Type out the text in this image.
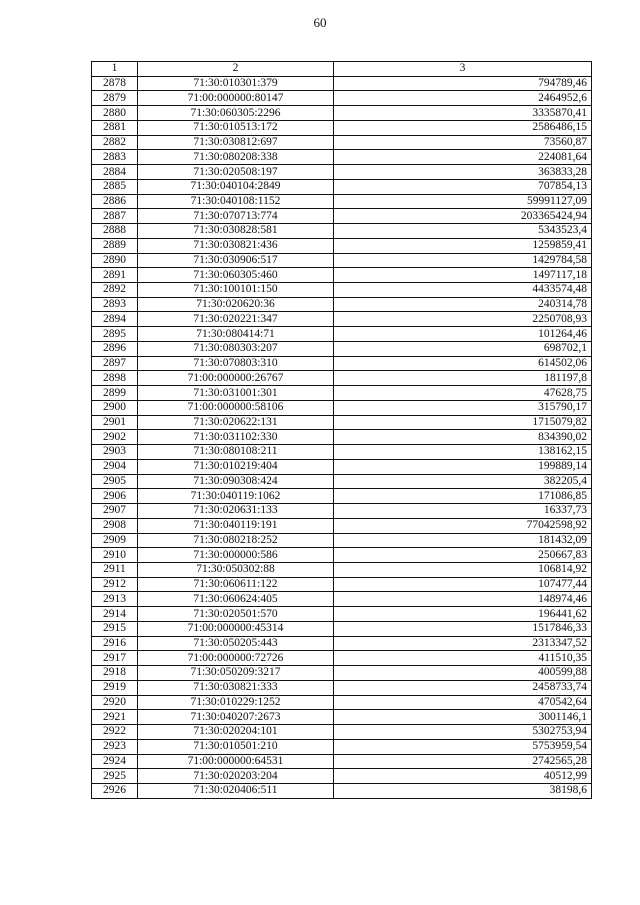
60
1	2	3
2878	71:30:010301:379	794789,46
2879	71:00:000000:80147	2464952,6
2880	71:30:060305:2296	3335870,41
2881	71:30:010513:172	2586486,15
2882	71:30:030812:697	73560,87
2883	71:30:080208:338	224081,64
2884	71:30:020508:197	363833,28
2885	71:30:040104:2849	707854,13
2886	71:30:040108:1152	59991127,09
2887	71:30:070713:774	203365424,94
2888	71:30:030828:581	5343523,4
2889	71:30:030821:436	1259859,41
2890	71:30:030906:517	1429784,58
2891	71:30:060305:460	1497117,18
2892	71:30:100101:150	4433574,48
2893	71:30:020620:36	240314,78
2894	71:30:020221:347	2250708,93
2895	71:30:080414:71	101264,46
2896	71:30:080303:207	698702,1
2897	71:30:070803:310	614502,06
2898	71:00:000000:26767	181197,8
2899	71:30:031001:301	47628,75
2900	71:00:000000:58106	315790,17
2901	71:30:020622:131	1715079,82
2902	71:30:031102:330	834390,02
2903	71:30:080108:211	138162,15
2904	71:30:010219:404	199889,14
2905	71:30:090308:424	382205,4
2906	71:30:040119:1062	171086,85
2907	71:30:020631:133	16337,73
2908	71:30:040119:191	77042598,92
2909	71:30:080218:252	181432,09
2910	71:30:000000:586	250667,83
2911	71:30:050302:88	106814,92
2912	71:30:060611:122	107477,44
2913	71:30:060624:405	148974,46
2914	71:30:020501:570	196441,62
2915	71:00:000000:45314	1517846,33
2916	71:30:050205:443	2313347,52
2917	71:00:000000:72726	411510,35
2918	71:30:050209:3217	400599,88
2919	71:30:030821:333	2458733,74
2920	71:30:010229:1252	470542,64
2921	71:30:040207:2673	3001146,1
2922	71:30:020204:101	5302753,94
2923	71:30:010501:210	5753959,54
2924	71:00:000000:64531	2742565,28
2925	71:30:020203:204	40512,99
2926	71:30:020406:511	38198,6
